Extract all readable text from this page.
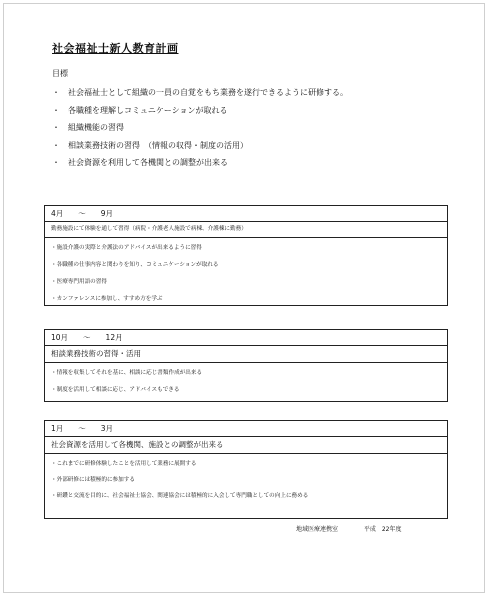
社会福祉士新人教育計画
目標
・ 社会福祉士として組織の一員の自覚をもち業務を遂行できるように研修する。
・ 各職種を理解しコミュニケーションが取れる
・ 組織機能の習得
・ 相談業務技術の習得　（情報の収得・制度の活用）
・ 社会資源を利用して各機関との調整が出来る
4月　　〜　　9月
勤務施設にて体験を通して習得（病院・介護老人施設で病棟、介護棟に勤務）
・施設介護の実際と介護法のアドバイスが出来るように習得
・各職種の仕事内容と関わりを知り、コミュニケーションが取れる
・医療専門用語の習得
・カンファレンスに参加し、すすめ方を学ぶ
10月　　〜　　12月
相談業務技術の習得・活用
・情報を収集してそれを基に、相談に応じ書類作成が出来る
・制度を活用して相談に応じ、アドバイスもできる
1月　　〜　　3月
社会資源を活用して各機関、施設との調整が出来る
・これまでに研修体験したことを活用して業務に展開する
・外部研修には積極的に参加する
・研鑽と交流を目的に、社会福祉士協会、関連協会には積極的に入会して専門職としての向上に務める
地域医療連携室	平成　22年度
